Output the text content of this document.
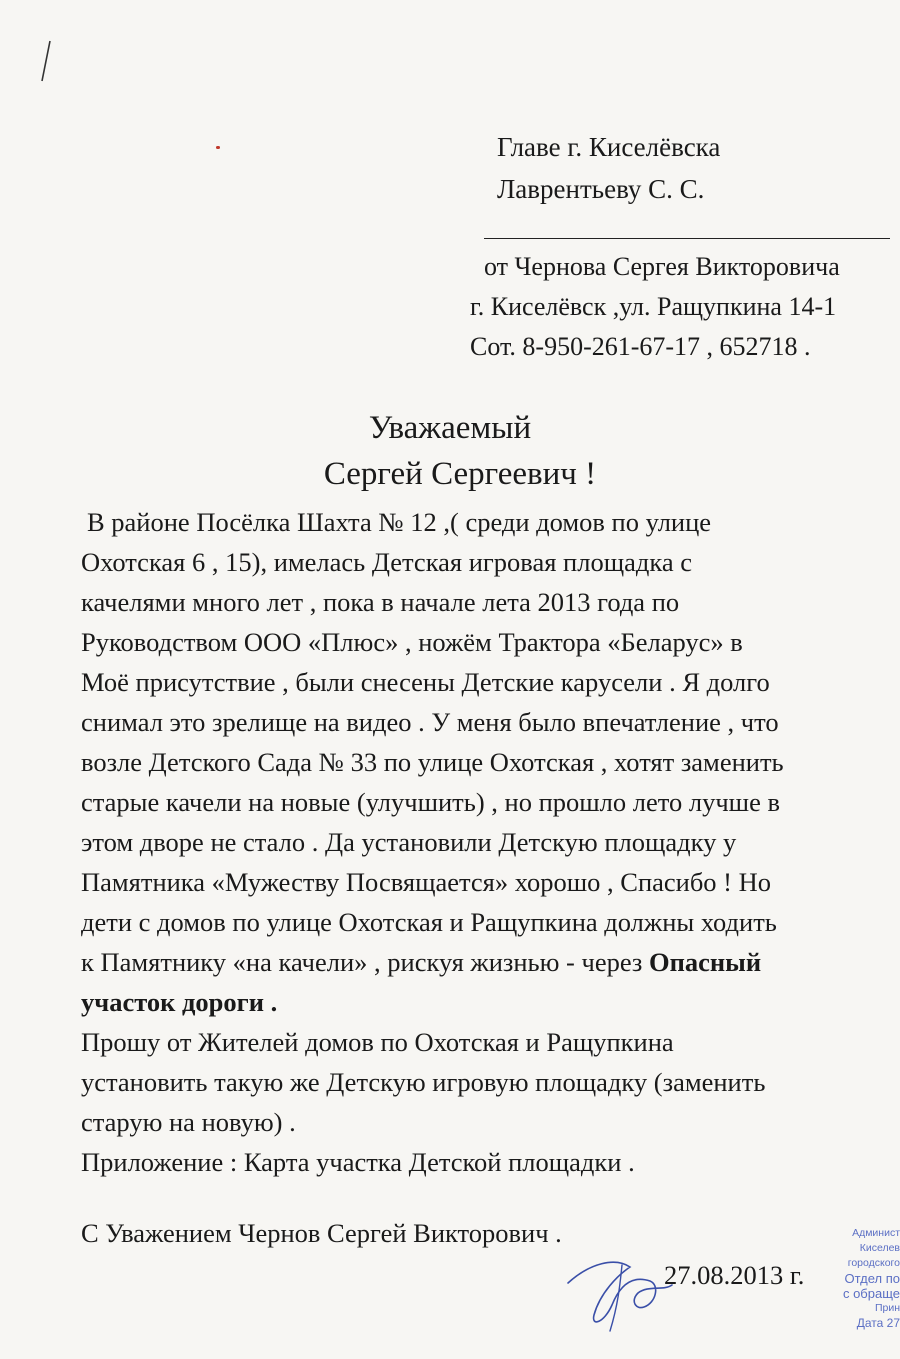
Главе г. Киселёвска
Лаврентьеву С. С.
от Чернова Сергея Викторовича
г. Киселёвск ,ул. Ращупкина 14-1
Сот. 8-950-261-67-17 , 652718 .
Уважаемый
Сергей Сергеевич !
В районе Посёлка Шахта № 12 ,( среди домов по улице
Охотская 6 , 15), имелась Детская игровая площадка с
качелями много лет , пока в начале лета 2013 года по
Руководством ООО «Плюс» , ножём Трактора «Беларус» в
Моё присутствие , были снесены Детские карусели . Я долго
снимал это зрелище на видео . У меня было впечатление , что
возле Детского Сада № 33 по улице Охотская , хотят заменить
старые качели на новые (улучшить) , но прошло лето лучше в
этом дворе не стало . Да установили Детскую площадку у
Памятника «Мужеству Посвящается» хорошо , Спасибо ! Но
дети с домов по улице Охотская и Ращупкина должны ходить
к Памятнику «на качели» , рискуя жизнью - через Опасный
участок дороги .
Прошу от Жителей домов по Охотская и Ращупкина
установить такую же Детскую игровую площадку (заменить
старую на новую) .
Приложение : Карта участка Детской площадки .
С Уважением Чернов Сергей Викторович .
27.08.2013 г.
Админист
Киселев
городского
Отдел по
с обраще
Прин
Дата 27
